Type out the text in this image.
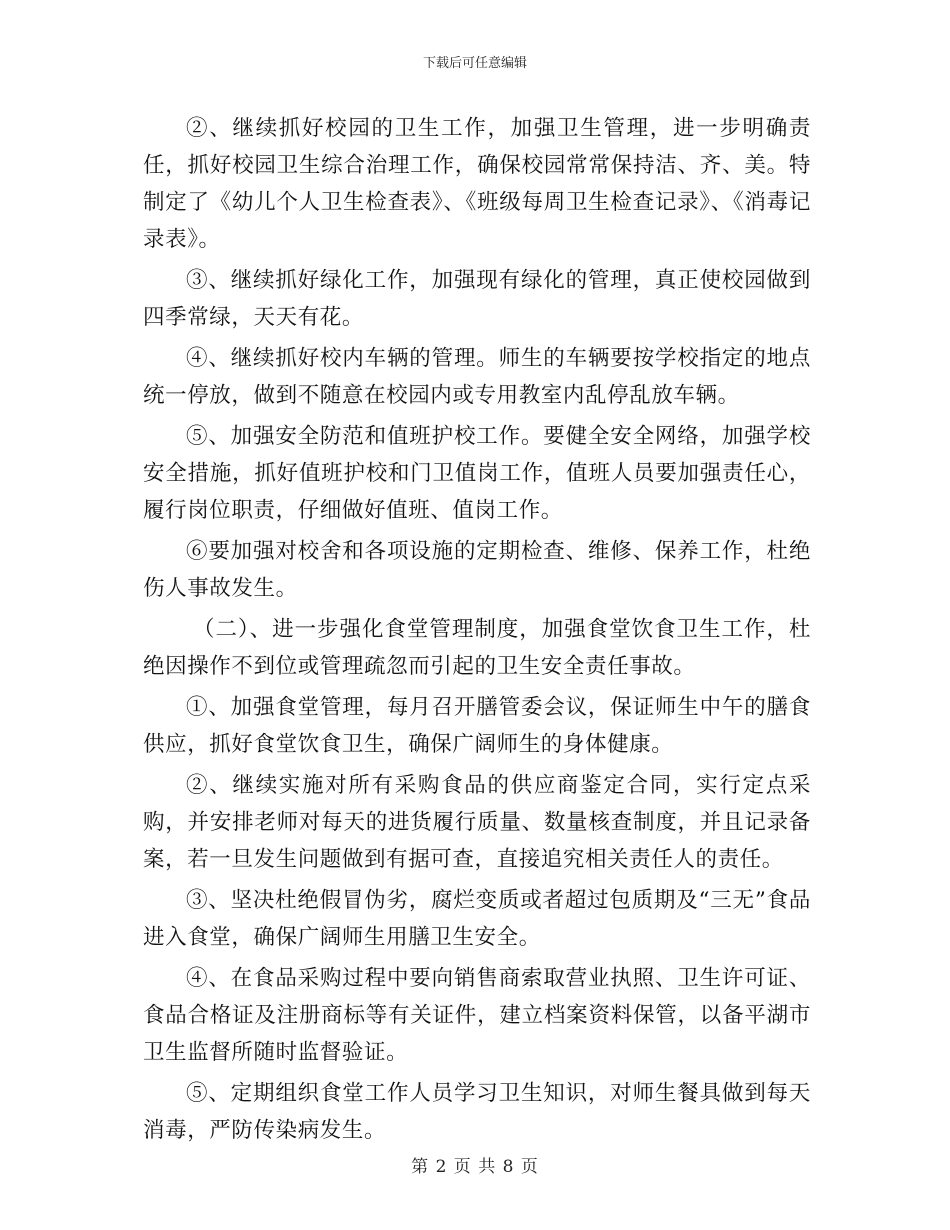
下载后可任意编辑

②、继续抓好校园的卫生工作，加强卫生管理，进一步明确责任，抓好校园卫生综合治理工作，确保校园常常保持洁、齐、美。特制定了《幼儿个人卫生检查表》、《班级每周卫生检查记录》、《消毒记录表》。

③、继续抓好绿化工作，加强现有绿化的管理，真正使校园做到四季常绿，天天有花。

④、继续抓好校内车辆的管理。师生的车辆要按学校指定的地点统一停放，做到不随意在校园内或专用教室内乱停乱放车辆。

⑤、加强安全防范和值班护校工作。要健全安全网络，加强学校安全措施，抓好值班护校和门卫值岗工作，值班人员要加强责任心，履行岗位职责，仔细做好值班、值岗工作。

⑥要加强对校舍和各项设施的定期检查、维修、保养工作，杜绝伤人事故发生。

（二）、进一步强化食堂管理制度，加强食堂饮食卫生工作，杜绝因操作不到位或管理疏忽而引起的卫生安全责任事故。

①、加强食堂管理，每月召开膳管委会议，保证师生中午的膳食供应，抓好食堂饮食卫生，确保广阔师生的身体健康。

②、继续实施对所有采购食品的供应商鉴定合同，实行定点采购，并安排老师对每天的进货履行质量、数量核查制度，并且记录备案，若一旦发生问题做到有据可查，直接追究相关责任人的责任。

③、坚决杜绝假冒伪劣，腐烂变质或者超过包质期及“三无”食品进入食堂，确保广阔师生用膳卫生安全。

④、在食品采购过程中要向销售商索取营业执照、卫生许可证、食品合格证及注册商标等有关证件，建立档案资料保管，以备平湖市卫生监督所随时监督验证。

⑤、定期组织食堂工作人员学习卫生知识，对师生餐具做到每天消毒，严防传染病发生。

第 2 页 共 8 页
